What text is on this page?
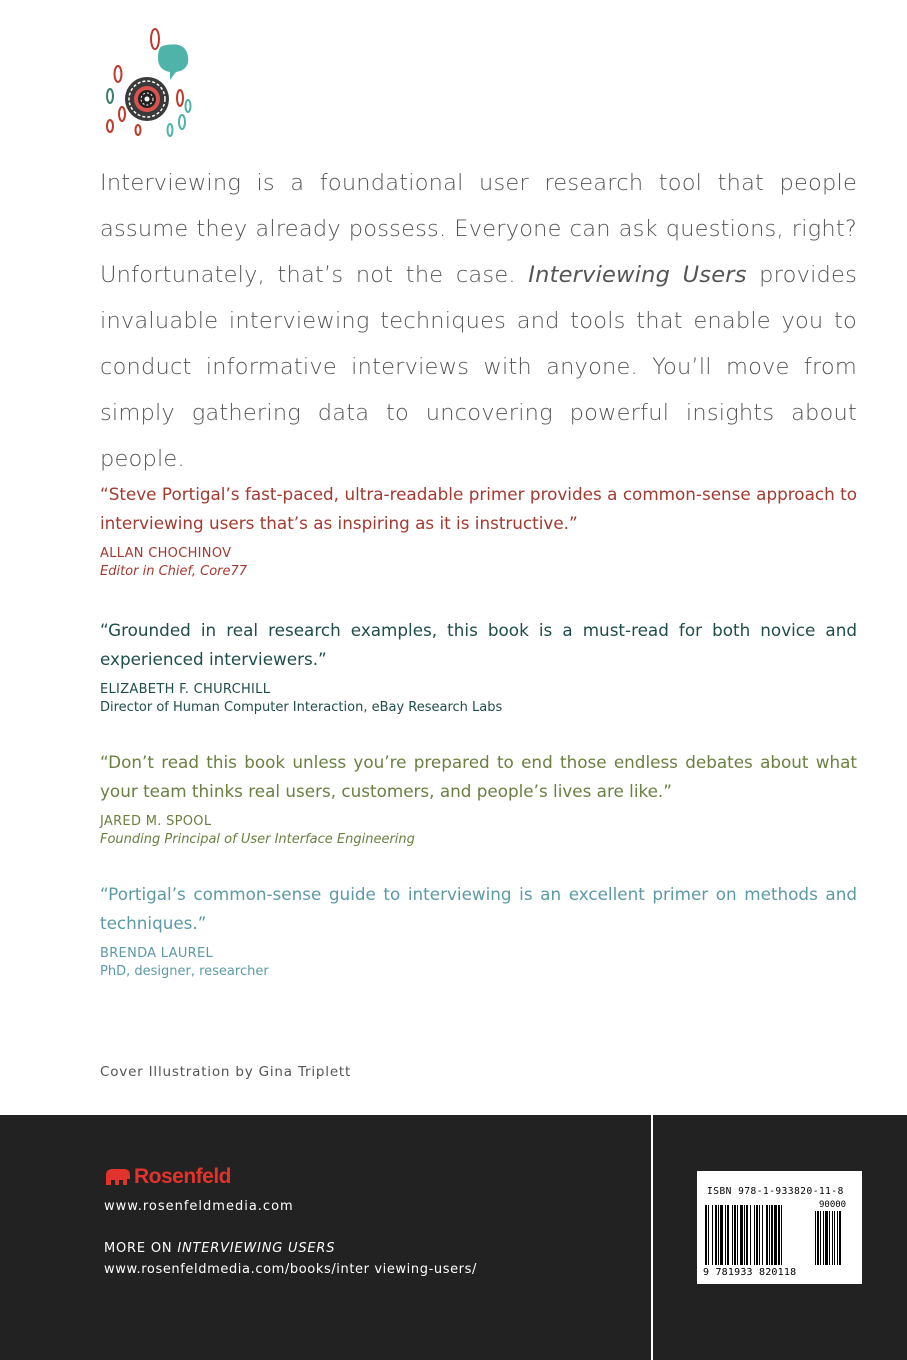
Interviewing is a foundational user research tool that people assume they already possess. Everyone can ask questions, right? Unfortunately, that’s not the case. Interviewing Users provides invaluable interviewing techniques and tools that enable you to conduct informative interviews with anyone. You’ll move from simply gathering data to uncovering powerful insights about people.
“Steve Portigal’s fast-paced, ultra-readable primer provides a common-sense approach to interviewing users that’s as inspiring as it is instructive.”
ALLAN CHOCHINOV
Editor in Chief, Core77
“Grounded in real research examples, this book is a must-read for both novice and experienced interviewers.”
ELIZABETH F. CHURCHILL
Director of Human Computer Interaction, eBay Research Labs
“Don’t read this book unless you’re prepared to end those endless debates about what your team thinks real users, customers, and people’s lives are like.”
JARED M. SPOOL
Founding Principal of User Interface Engineering
“Portigal’s common-sense guide to interviewing is an excellent primer on methods and techniques.”
BRENDA LAUREL
PhD, designer, researcher
Cover Illustration by Gina Triplett
Rosenfeld
www.rosenfeldmedia.com
MORE ON INTERVIEWING USERS
www.rosenfeldmedia.com/books/inter viewing-users/
ISBN 978-1-933820-11-8
90000
9 781933 820118
